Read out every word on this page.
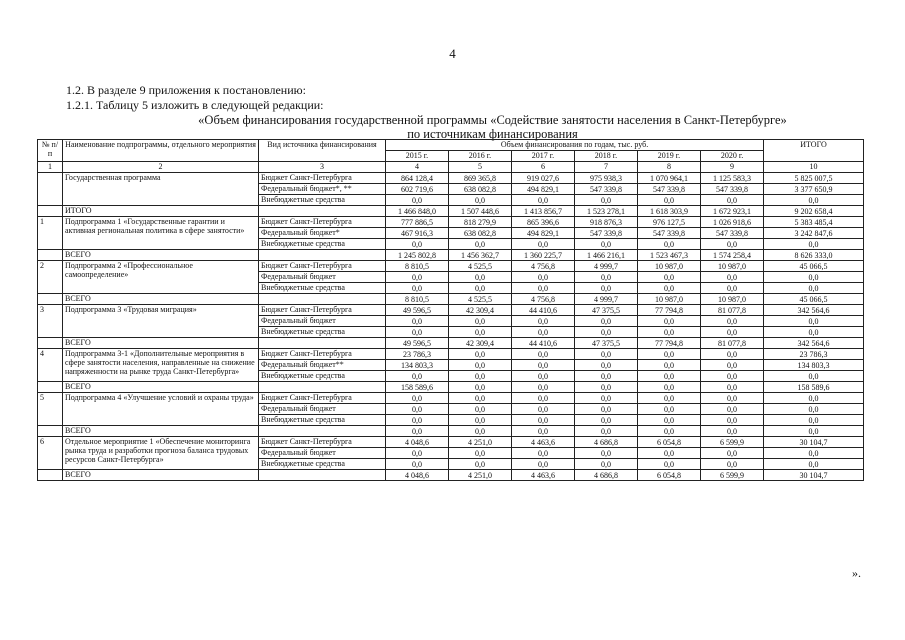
4
1.2. В разделе 9 приложения к постановлению:
1.2.1. Таблицу 5 изложить в следующей редакции:
«Объем финансирования государственной программы «Содействие занятости населения в Санкт-Петербурге»
по источникам финансирования
№ п/п	Наименование подпрограммы, отдельного мероприятия	Вид источника финансирования	Объем финансирования по годам, тыс. руб.						ИТОГО
			2015 г.	2016 г.	2017 г.	2018 г.	2019 г.	2020 г.	
1	2	3	4	5	6	7	8	9	10
	Государственная программа	Бюджет Санкт-Петербурга	864 128,4	869 365,8	919 027,6	975 938,3	1 070 964,1	1 125 583,3	5 825 007,5
		Федеральный бюджет*, **	602 719,6	638 082,8	494 829,1	547 339,8	547 339,8	547 339,8	3 377 650,9
		Внебюджетные средства	0,0	0,0	0,0	0,0	0,0	0,0	0,0
	ИТОГО		1 466 848,0	1 507 448,6	1 413 856,7	1 523 278,1	1 618 303,9	1 672 923,1	9 202 658,4
1	Подпрограмма 1 «Государственные гарантии и активная региональная политика в сфере занятости»	Бюджет Санкт-Петербурга	777 886,5	818 279,9	865 396,6	918 876,3	976 127,5	1 026 918,6	5 383 485,4
		Федеральный бюджет*	467 916,3	638 082,8	494 829,1	547 339,8	547 339,8	547 339,8	3 242 847,6
		Внебюджетные средства	0,0	0,0	0,0	0,0	0,0	0,0	0,0
	ВСЕГО		1 245 802,8	1 456 362,7	1 360 225,7	1 466 216,1	1 523 467,3	1 574 258,4	8 626 333,0
2	Подпрограмма 2 «Профессиональное самоопределение»	Бюджет Санкт-Петербурга	8 810,5	4 525,5	4 756,8	4 999,7	10 987,0	10 987,0	45 066,5
		Федеральный бюджет	0,0	0,0	0,0	0,0	0,0	0,0	0,0
		Внебюджетные средства	0,0	0,0	0,0	0,0	0,0	0,0	0,0
	ВСЕГО		8 810,5	4 525,5	4 756,8	4 999,7	10 987,0	10 987,0	45 066,5
3	Подпрограмма 3 «Трудовая миграция»	Бюджет Санкт-Петербурга	49 596,5	42 309,4	44 410,6	47 375,5	77 794,8	81 077,8	342 564,6
		Федеральный бюджет	0,0	0,0	0,0	0,0	0,0	0,0	0,0
		Внебюджетные средства	0,0	0,0	0,0	0,0	0,0	0,0	0,0
	ВСЕГО		49 596,5	42 309,4	44 410,6	47 375,5	77 794,8	81 077,8	342 564,6
4	Подпрограмма 3-1 «Дополнительные мероприятия в сфере занятости населения, направленные на снижение напряженности на рынке труда Санкт-Петербурга»	Бюджет Санкт-Петербурга	23 786,3	0,0	0,0	0,0	0,0	0,0	23 786,3
		Федеральный бюджет**	134 803,3	0,0	0,0	0,0	0,0	0,0	134 803,3
		Внебюджетные средства	0,0	0,0	0,0	0,0	0,0	0,0	0,0
	ВСЕГО		158 589,6	0,0	0,0	0,0	0,0	0,0	158 589,6
5	Подпрограмма 4 «Улучшение условий и охраны труда»	Бюджет Санкт-Петербурга	0,0	0,0	0,0	0,0	0,0	0,0	0,0
		Федеральный бюджет	0,0	0,0	0,0	0,0	0,0	0,0	0,0
		Внебюджетные средства	0,0	0,0	0,0	0,0	0,0	0,0	0,0
	ВСЕГО		0,0	0,0	0,0	0,0	0,0	0,0	0,0
6	Отдельное мероприятие 1 «Обеспечение мониторинга рынка труда и разработки прогноза баланса трудовых ресурсов Санкт-Петербурга»	Бюджет Санкт-Петербурга	4 048,6	4 251,0	4 463,6	4 686,8	6 054,8	6 599,9	30 104,7
		Федеральный бюджет	0,0	0,0	0,0	0,0	0,0	0,0	0,0
		Внебюджетные средства	0,0	0,0	0,0	0,0	0,0	0,0	0,0
	ВСЕГО		4 048,6	4 251,0	4 463,6	4 686,8	6 054,8	6 599,9	30 104,7
».
